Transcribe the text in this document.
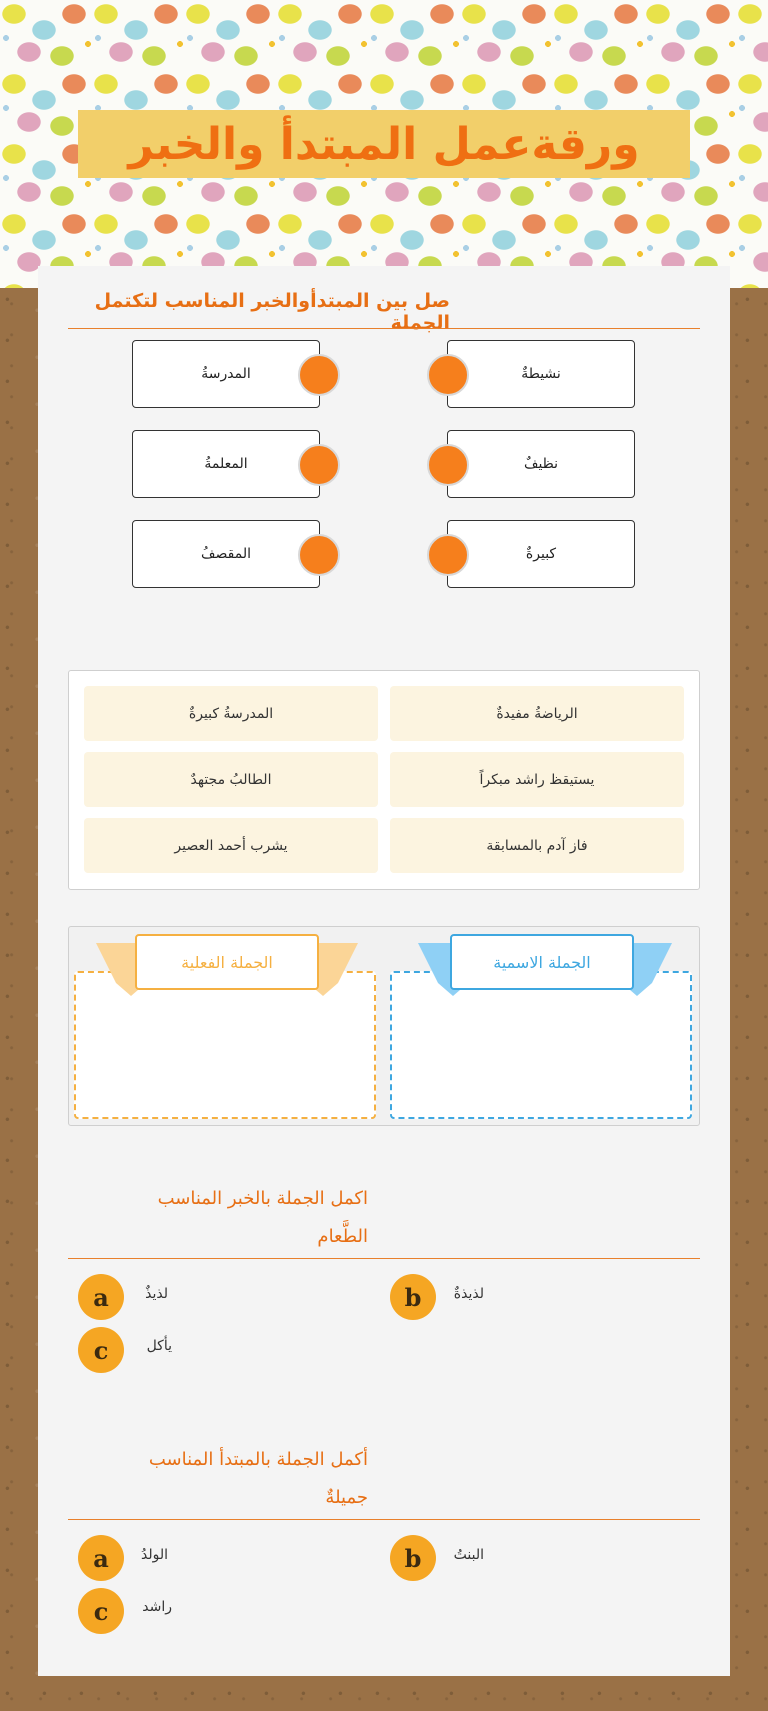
ورقةعمل المبتدأ والخبر
صل بين المبتدأوالخبر المناسب لتكتمل الجملة
المدرسةُ
المعلمةُ
المقصفُ
نشيطةٌ
نظيفٌ
كبيرةٌ
الرياضةُ مفيدةٌ
يستيقظ راشد مبكراً
فاز آدم بالمسابقة
المدرسةُ كبيرةٌ
الطالبُ مجتهدٌ
يشرب أحمد العصير
الجملة الاسمية
الجملة الفعلية
اكمل الجملة بالخبر المناسب
الطَّعام
a	لذيذٌ	b	لذيذةٌ
c	يأكل
أكمل الجملة بالمبتدأ المناسب
جميلةٌ
a	الولدُ	b	البنتُ
c	راشد
